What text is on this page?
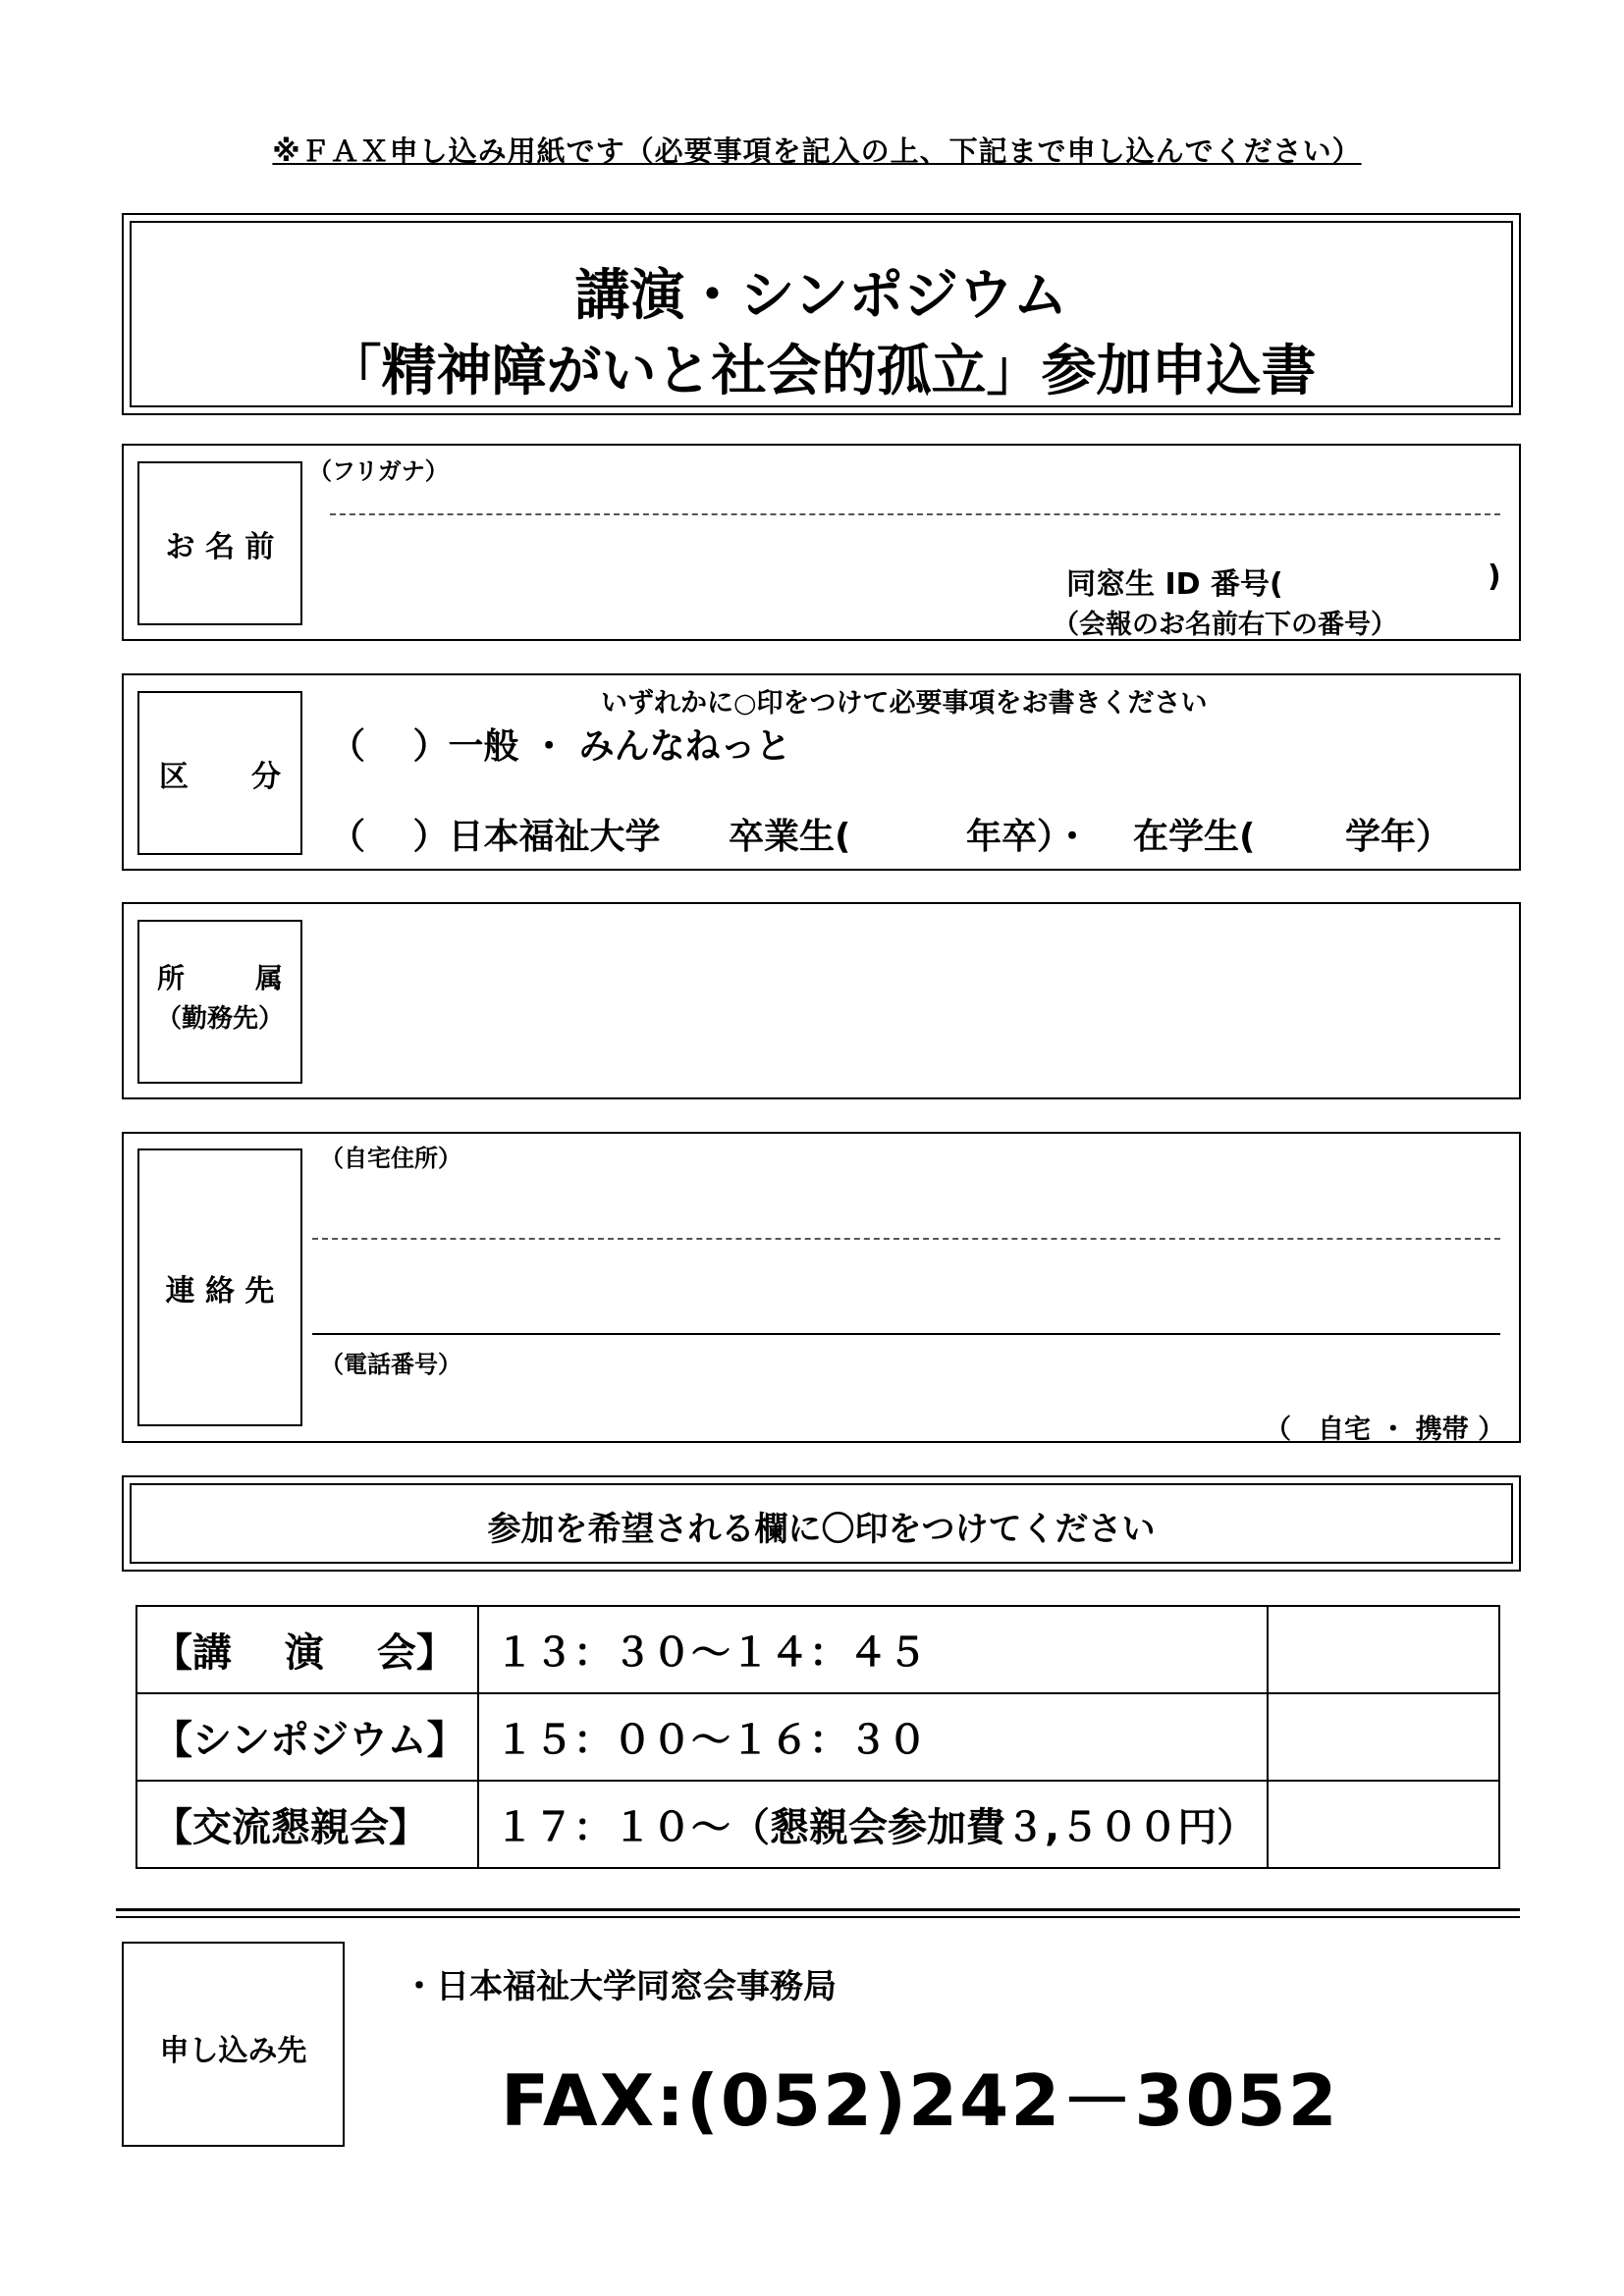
※ＦＡＸ申し込み用紙です（必要事項を記入の上、下記まで申し込んでください）
講演・シンポジウム
「精神障がいと社会的孤立」参加申込書
お 名 前
（フリガナ）
同窓生 ID 番号(	)
（会報のお名前右下の番号）
区 分
いずれかに○印をつけて必要事項をお書きください
（　 ）一般 ・ みんなねっと
（　 ）日本福祉大学 卒業生(	年卒）・ 在学生(	学年）
所	属
（勤務先）
連 絡 先
（自宅住所）
（電話番号）
（　自宅 ・ 携帯 ）
参加を希望される欄に〇印をつけてください
【講　 演　 会】	１３：３０～１４：４５	
【シンポジウム】	１５：００～１６：３０	
【交流懇親会】	１７：１０～（懇親会参加費３,５００円）	
申し込み先
・日本福祉大学同窓会事務局
FAX:(052)242－3052
